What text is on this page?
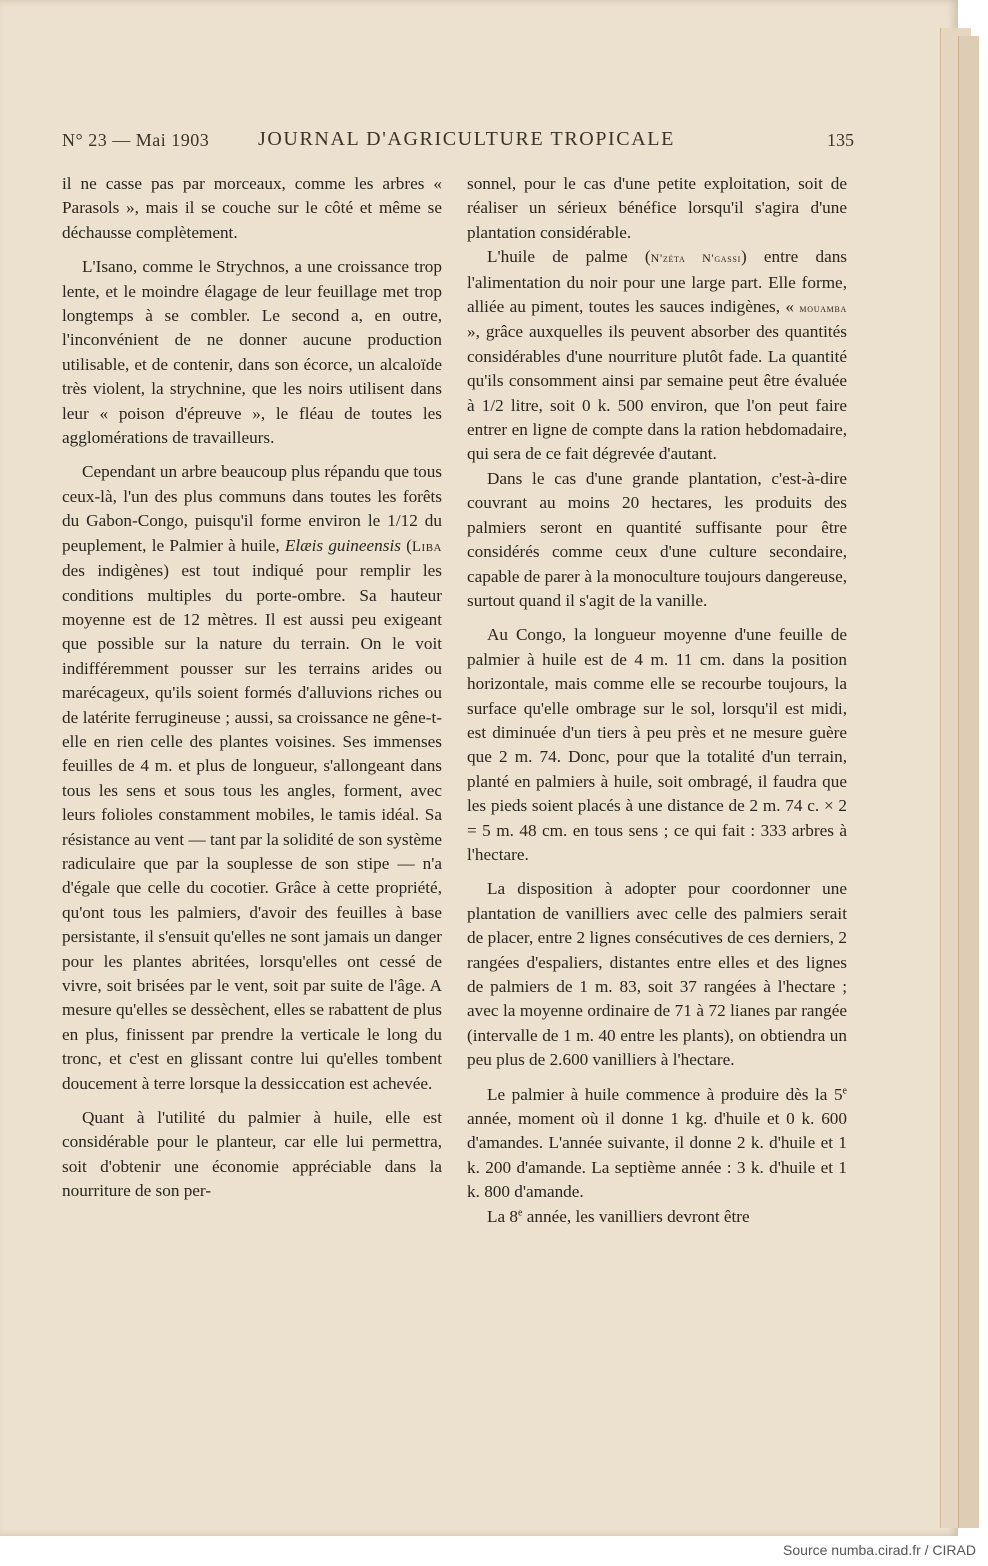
N° 23 — Mai 1903 JOURNAL D'AGRICULTURE TROPICALE	135

il ne casse pas par morceaux, comme les arbres « Parasols », mais il se couche sur le côté et même se déchausse complètement.

L'Isano, comme le Strychnos, a une croissance trop lente, et le moindre élagage de leur feuillage met trop longtemps à se combler. Le second a, en outre, l'inconvénient de ne donner aucune production utilisable, et de contenir, dans son écorce, un alcaloïde très violent, la strychnine, que les noirs utilisent dans leur « poison d'épreuve », le fléau de toutes les agglomérations de travailleurs.

Cependant un arbre beaucoup plus répandu que tous ceux-là, l'un des plus communs dans toutes les forêts du Gabon-Congo, puisqu'il forme environ le 1/12 du peuplement, le Palmier à huile, Elæis guineensis (Liba des indigènes) est tout indiqué pour remplir les conditions multiples du porte-ombre. Sa hauteur moyenne est de 12 mètres. Il est aussi peu exigeant que possible sur la nature du terrain. On le voit indifféremment pousser sur les terrains arides ou marécageux, qu'ils soient formés d'alluvions riches ou de latérite ferrugineuse ; aussi, sa croissance ne gêne-t-elle en rien celle des plantes voisines. Ses immenses feuilles de 4 m. et plus de longueur, s'allongeant dans tous les sens et sous tous les angles, forment, avec leurs folioles constamment mobiles, le tamis idéal. Sa résistance au vent — tant par la solidité de son système radiculaire que par la souplesse de son stipe — n'a d'égale que celle du cocotier. Grâce à cette propriété, qu'ont tous les palmiers, d'avoir des feuilles à base persistante, il s'ensuit qu'elles ne sont jamais un danger pour les plantes abritées, lorsqu'elles ont cessé de vivre, soit brisées par le vent, soit par suite de l'âge. A mesure qu'elles se dessèchent, elles se rabattent de plus en plus, finissent par prendre la verticale le long du tronc, et c'est en glissant contre lui qu'elles tombent doucement à terre lorsque la dessiccation est achevée.

Quant à l'utilité du palmier à huile, elle est considérable pour le planteur, car elle lui permettra, soit d'obtenir une économie appréciable dans la nourriture de son per-

sonnel, pour le cas d'une petite exploitation, soit de réaliser un sérieux bénéfice lorsqu'il s'agira d'une plantation considérable.

L'huile de palme (N'zéta N'gassi) entre dans l'alimentation du noir pour une large part. Elle forme, alliée au piment, toutes les sauces indigènes, « mouamba », grâce auxquelles ils peuvent absorber des quantités considérables d'une nourriture plutôt fade. La quantité qu'ils consomment ainsi par semaine peut être évaluée à 1/2 litre, soit 0 k. 500 environ, que l'on peut faire entrer en ligne de compte dans la ration hebdomadaire, qui sera de ce fait dégrevée d'autant.

Dans le cas d'une grande plantation, c'est-à-dire couvrant au moins 20 hectares, les produits des palmiers seront en quantité suffisante pour être considérés comme ceux d'une culture secondaire, capable de parer à la monoculture toujours dangereuse, surtout quand il s'agit de la vanille.

Au Congo, la longueur moyenne d'une feuille de palmier à huile est de 4 m. 11 cm. dans la position horizontale, mais comme elle se recourbe toujours, la surface qu'elle ombrage sur le sol, lorsqu'il est midi, est diminuée d'un tiers à peu près et ne mesure guère que 2 m. 74. Donc, pour que la totalité d'un terrain, planté en palmiers à huile, soit ombragé, il faudra que les pieds soient placés à une distance de 2 m. 74 c. × 2 = 5 m. 48 cm. en tous sens ; ce qui fait : 333 arbres à l'hectare.

La disposition à adopter pour coordonner une plantation de vanilliers avec celle des palmiers serait de placer, entre 2 lignes consécutives de ces derniers, 2 rangées d'espaliers, distantes entre elles et des lignes de palmiers de 1 m. 83, soit 37 rangées à l'hectare ; avec la moyenne ordinaire de 71 à 72 lianes par rangée (intervalle de 1 m. 40 entre les plants), on obtiendra un peu plus de 2.600 vanilliers à l'hectare.

Le palmier à huile commence à produire dès la 5e année, moment où il donne 1 kg. d'huile et 0 k. 600 d'amandes. L'année suivante, il donne 2 k. d'huile et 1 k. 200 d'amande. La septième année : 3 k. d'huile et 1 k. 800 d'amande.

La 8e année, les vanilliers devront être

Source numba.cirad.fr / CIRAD
